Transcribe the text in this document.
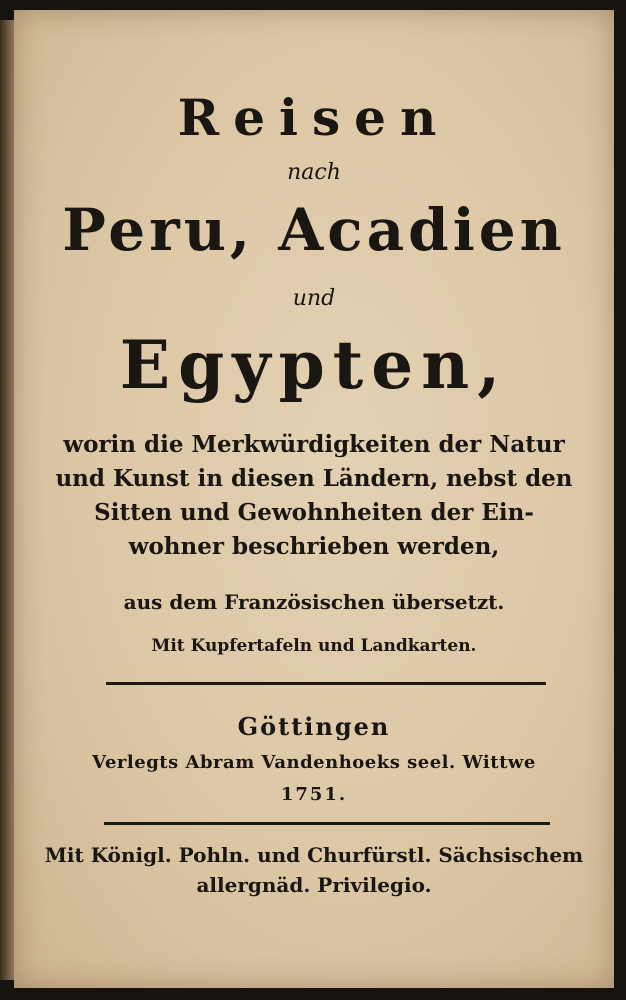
Reisen
nach
Peru, Acadien
und
Egypten,
worin die Merkwürdigkeiten der Natur
und Kunst in diesen Ländern, nebst den
Sitten und Gewohnheiten der Ein-
wohner beschrieben werden,
aus dem Französischen übersetzt.
Mit Kupfertafeln und Landkarten.
Göttingen
Verlegts Abram Vandenhoeks seel. Wittwe
1751.
Mit Königl. Pohln. und Churfürstl. Sächsischem
allergnäd. Privilegio.
